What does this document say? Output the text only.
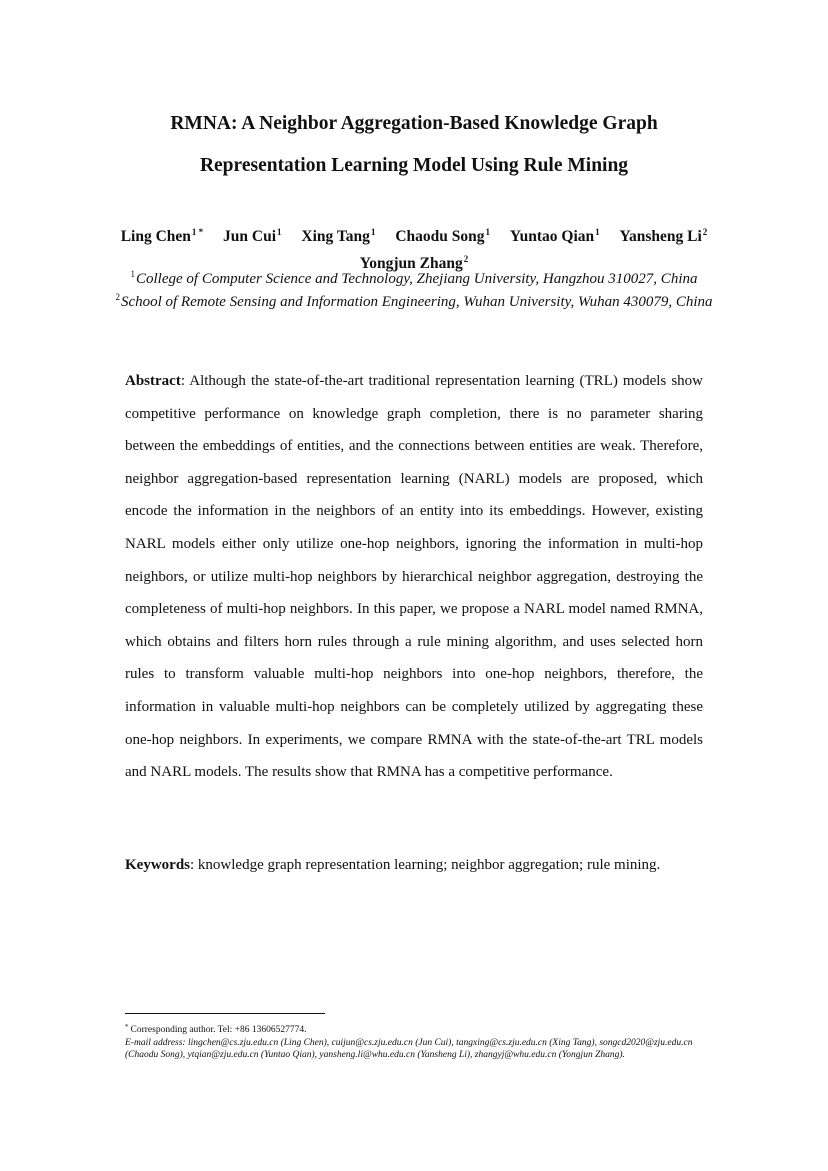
RMNA: A Neighbor Aggregation-Based Knowledge Graph
Representation Learning Model Using Rule Mining
Ling Chen$^{1 *}$ Jun Cui$^1$ Xing Tang$^1$ Chaodu Song$^1$ Yuntao Qian$^1$ Yansheng Li$^2$
Yongjun Zhang$^2$
$^1$College of Computer Science and Technology, Zhejiang University, Hangzhou 310027, China
$^2$School of Remote Sensing and Information Engineering, Wuhan University, Wuhan 430079, China

Abstract: Although the state-of-the-art traditional representation learning (TRL) models show competitive performance on knowledge graph completion, there is no parameter sharing between the embeddings of entities, and the connections between entities are weak. Therefore, neighbor aggregation-based representation learning (NARL) models are proposed, which encode the information in the neighbors of an entity into its embeddings. However, existing NARL models either only utilize one-hop neighbors, ignoring the information in multi-hop neighbors, or utilize multi-hop neighbors by hierarchical neighbor aggregation, destroying the completeness of multi-hop neighbors. In this paper, we propose a NARL model named RMNA, which obtains and filters horn rules through a rule mining algorithm, and uses selected horn rules to transform valuable multi-hop neighbors into one-hop neighbors, therefore, the information in valuable multi-hop neighbors can be completely utilized by aggregating these one-hop neighbors. In experiments, we compare RMNA with the state-of-the-art TRL models and NARL models. The results show that RMNA has a competitive performance.

Keywords: knowledge graph representation learning; neighbor aggregation; rule mining.

* Corresponding author. Tel: +86 13606527774.

E-mail address: lingchen@cs.zju.edu.cn (Ling Chen), cuijun@cs.zju.edu.cn (Jun Cui), tangxing@cs.zju.edu.cn (Xing Tang), songcd2020@zju.edu.cn (Chaodu Song), ytqian@zju.edu.cn (Yuntao Qian), yansheng.li@whu.edu.cn (Yansheng Li), zhangyj@whu.edu.cn (Yongjun Zhang).
